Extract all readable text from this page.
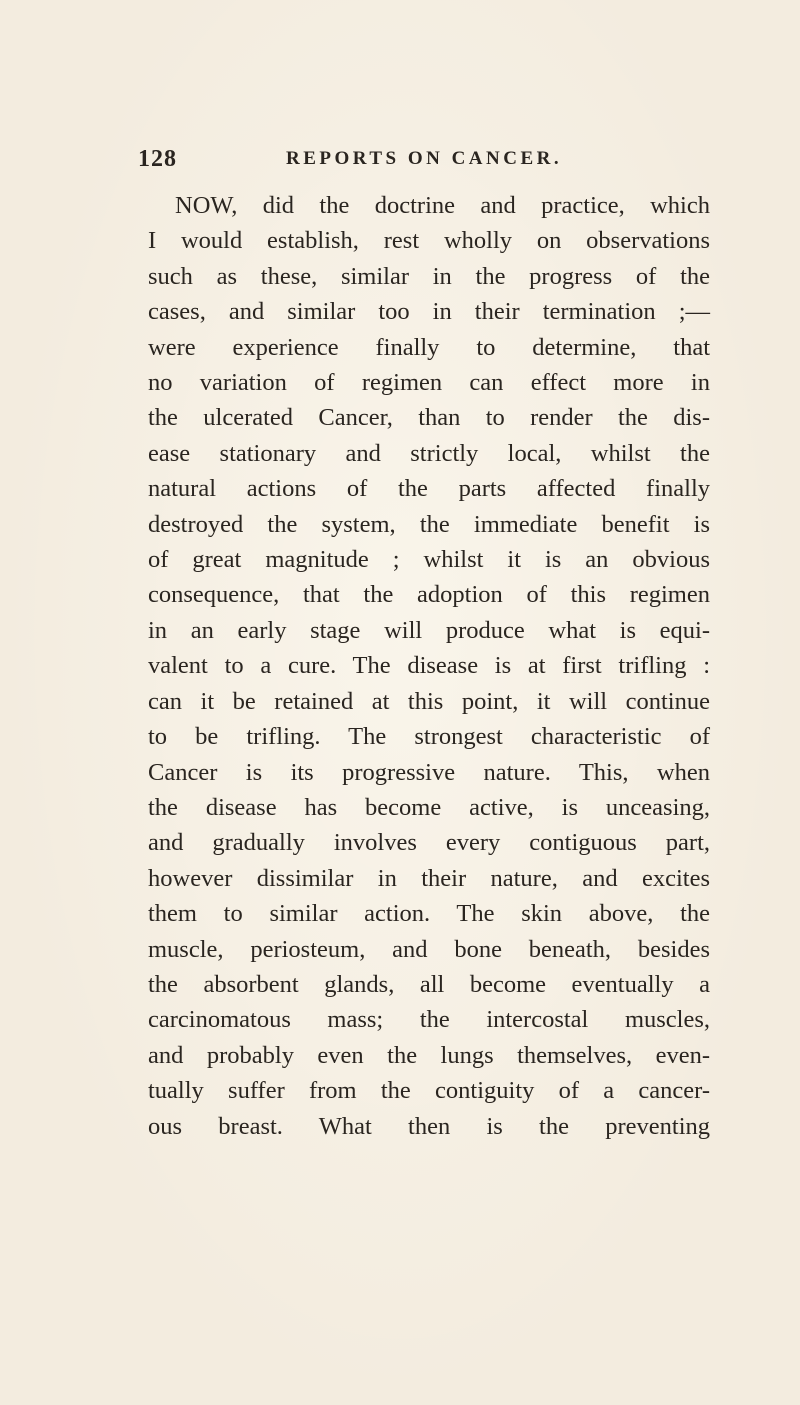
128	REPORTS ON CANCER.
NOW, did the doctrine and practice, which
I would establish, rest wholly on observations
such as these, similar in the progress of the
cases, and similar too in their termination ;—
were experience finally to determine, that
no variation of regimen can effect more in
the ulcerated Cancer, than to render the dis-
ease stationary and strictly local, whilst the
natural actions of the parts affected finally
destroyed the system, the immediate benefit is
of great magnitude ; whilst it is an obvious
consequence, that the adoption of this regimen
in an early stage will produce what is equi-
valent to a cure. The disease is at first trifling :
can it be retained at this point, it will continue
to be trifling. The strongest characteristic of
Cancer is its progressive nature. This, when
the disease has become active, is unceasing,
and gradually involves every contiguous part,
however dissimilar in their nature, and excites
them to similar action. The skin above, the
muscle, periosteum, and bone beneath, besides
the absorbent glands, all become eventually a
carcinomatous mass; the intercostal muscles,
and probably even the lungs themselves, even-
tually suffer from the contiguity of a cancer-
ous breast. What then is the preventing
